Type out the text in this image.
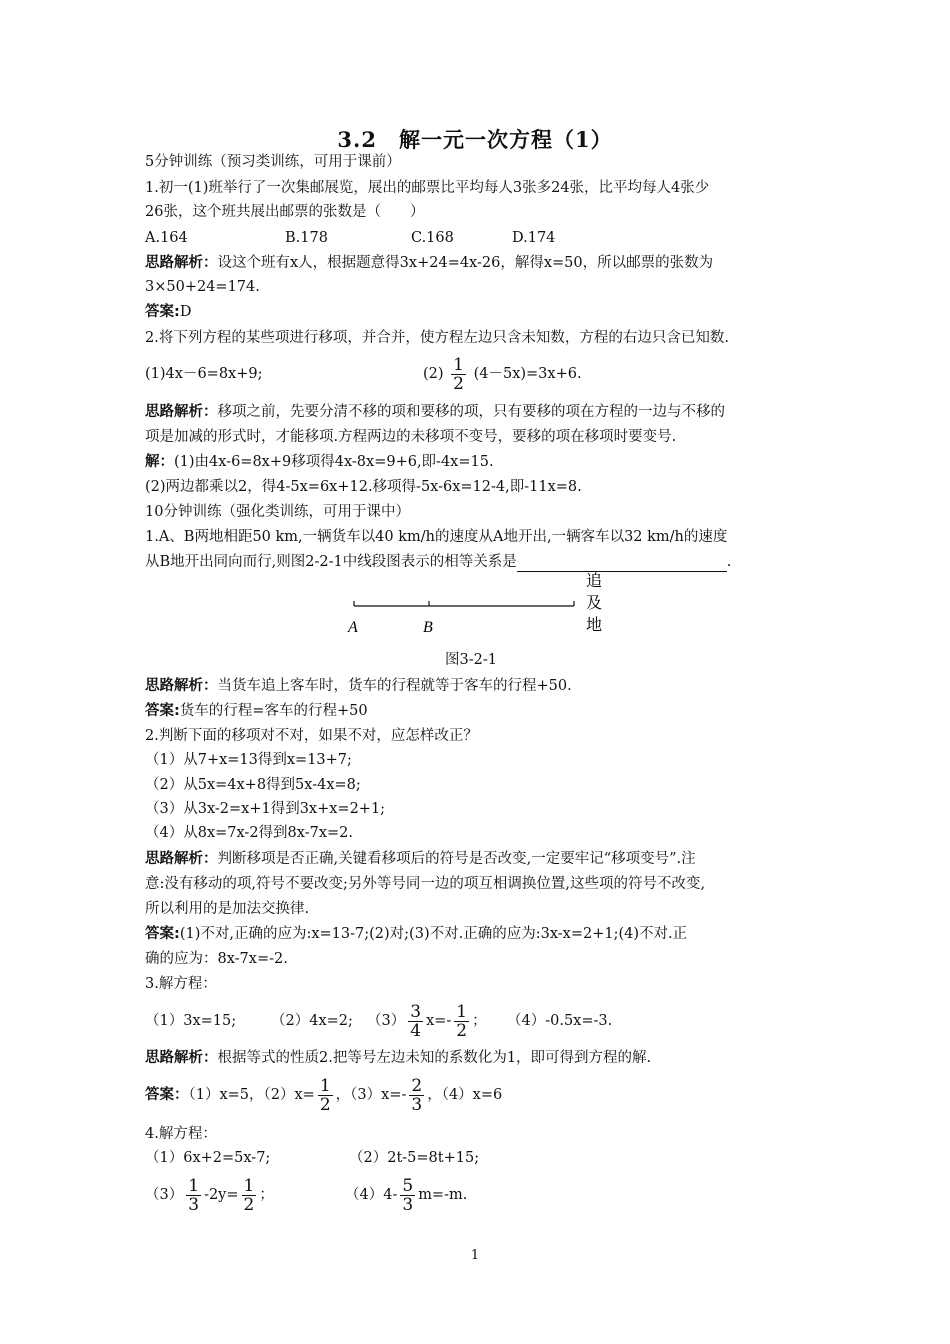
3.2　解一元一次方程（1）
5分钟训练（预习类训练，可用于课前）
1.初一(1)班举行了一次集邮展览，展出的邮票比平均每人3张多24张，比平均每人4张少
26张，这个班共展出邮票的张数是（　　）
A.164	B.178	C.168	D.174
思路解析：设这个班有x人，根据题意得3x+24=4x-26，解得x=50，所以邮票的张数为
3×50+24=174.
答案:D
2.将下列方程的某些项进行移项，并合并，使方程左边只含未知数，方程的右边只含已知数.
(1)4x－6=8x+9;	$(2) \frac{1}{2} (4-5x)=3x+6$.
思路解析：移项之前，先要分清不移的项和要移的项，只有要移的项在方程的一边与不移的
项是加减的形式时，才能移项.方程两边的未移项不变号，要移的项在移项时要变号.
解：(1)由4x-6=8x+9移项得4x-8x=9+6,即-4x=15.
(2)两边都乘以2，得4-5x=6x+12.移项得-5x-6x=12-4,即-11x=8.
10分钟训练（强化类训练，可用于课中）
1.A、B两地相距50 km,一辆货车以40 km/h的速度从A地开出,一辆客车以32 km/h的速度
从B地开出同向而行,则图2-2-1中线段图表示的相等关系是	.
A	B
追
及
地
图3-2-1
思路解析：当货车追上客车时，货车的行程就等于客车的行程+50.
答案:货车的行程=客车的行程+50
2.判断下面的移项对不对，如果不对，应怎样改正？
（1）从7+x=13得到x=13+7;
（2）从5x=4x+8得到5x-4x=8;
（3）从3x-2=x+1得到3x+x=2+1;
（4）从8x=7x-2得到8x-7x=2.
思路解析：判断移项是否正确,关键看移项后的符号是否改变,一定要牢记“移项变号”.注
意:没有移动的项,符号不要改变;另外等号同一边的项互相调换位置,这些项的符号不改变,
所以利用的是加法交换律.
答案:(1)不对,正确的应为:x=13-7;(2)对;(3)不对.正确的应为:3x-x=2+1;(4)不对.正
确的应为：8x-7x=-2.
3.解方程：
（1）3x=15; （2）4x=2; $(3) \frac{3}{4} x=- \frac{1}{2}$ ； （4）-0.5x=-3.
思路解析：根据等式的性质2.把等号左边未知的系数化为1，即可得到方程的解.
答案：（1）x=5，$(2)x= \frac{1}{2}$ ，$(3)x=- \frac{2}{3}$ ，（4）x=6
4.解方程：
（1）6x+2=5x-7;	（2）2t-5=8t+15;
$(3) \frac{1}{3} -2y= \frac{1}{2}$ ；	$(4)4- \frac{5}{3} m=-m$.
1
